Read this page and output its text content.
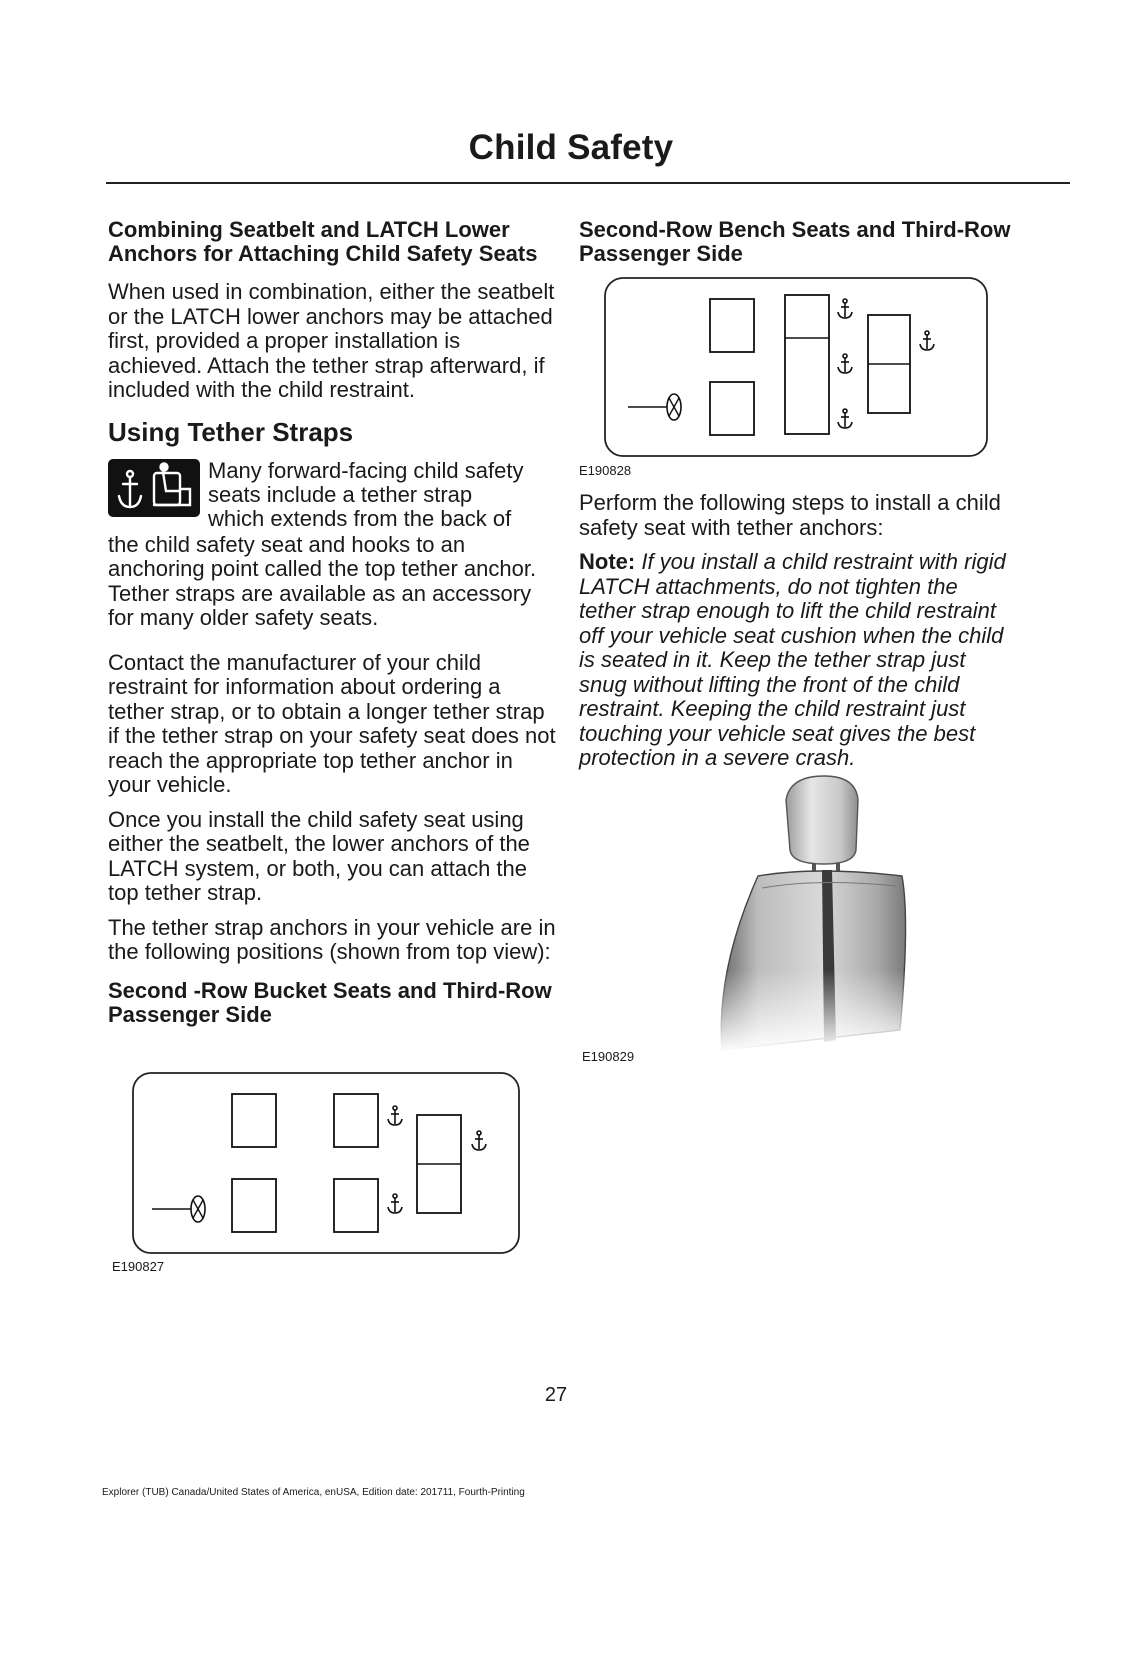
Child Safety

Combining Seatbelt and LATCH Lower Anchors for Attaching Child Safety Seats

When used in combination, either the seatbelt or the LATCH lower anchors may be attached first, provided a proper installation is achieved. Attach the tether strap afterward, if included with the child restraint.

Using Tether Straps
Many forward-facing child safety
seats include a tether strap
which extends from the back of

the child safety seat and hooks to an anchoring point called the top tether anchor. Tether straps are available as an accessory for many older safety seats.

Contact the manufacturer of your child restraint for information about ordering a tether strap, or to obtain a longer tether strap if the tether strap on your safety seat does not reach the appropriate top tether anchor in your vehicle.

Once you install the child safety seat using either the seatbelt, the lower anchors of the LATCH system, or both, you can attach the top tether strap.

The tether strap anchors in your vehicle are in the following positions (shown from top view):

Second -Row Bucket Seats and Third-Row Passenger Side

E190827

Second-Row Bench Seats and Third-Row Passenger Side

E190828

Perform the following steps to install a child safety seat with tether anchors:

Note: If you install a child restraint with rigid LATCH attachments, do not tighten the tether strap enough to lift the child restraint off your vehicle seat cushion when the child is seated in it. Keep the tether strap just snug without lifting the front of the child restraint. Keeping the child restraint just touching your vehicle seat gives the best protection in a severe crash.

E190829
27
Explorer (TUB) Canada/United States of America, enUSA, Edition date: 201711, Fourth-Printing
